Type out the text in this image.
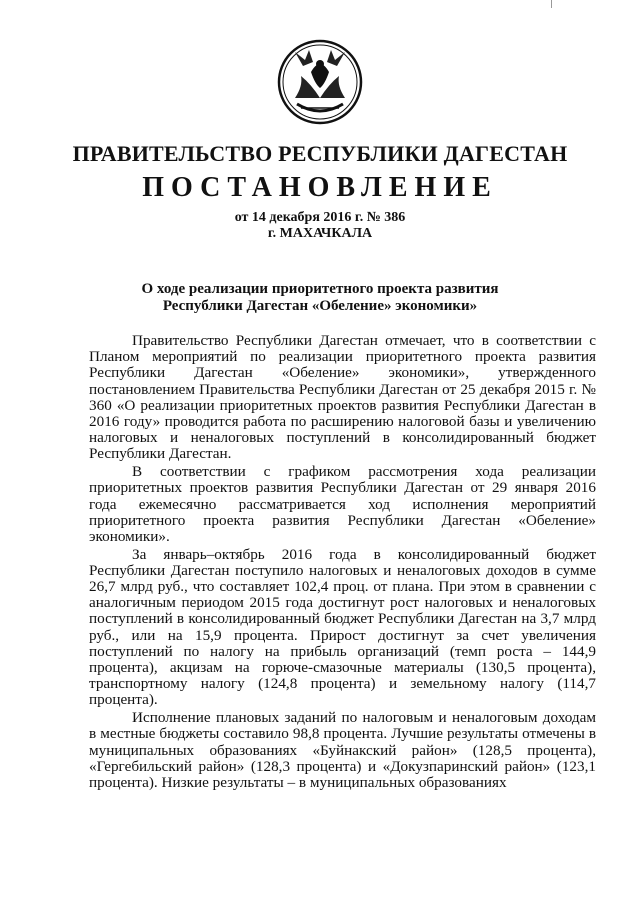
ПРАВИТЕЛЬСТВО РЕСПУБЛИКИ ДАГЕСТАН
ПОСТАНОВЛЕНИЕ
от 14 декабря 2016 г. № 386
г. МАХАЧКАЛА
О ходе реализации приоритетного проекта развития
Республики Дагестан «Обеление» экономики»

Правительство Республики Дагестан отмечает, что в соответствии с Планом мероприятий по реализации приоритетного проекта развития Республики Дагестан «Обеление» экономики», утвержденного постановлением Правительства Республики Дагестан от 25 декабря 2015 г. № 360 «О реализации приоритетных проектов развития Республики Дагестан в 2016 году» проводится работа по расширению налоговой базы и увеличению налоговых и неналоговых поступлений в консолидированный бюджет Республики Дагестан.

В соответствии с графиком рассмотрения хода реализации приоритетных проектов развития Республики Дагестан от 29 января 2016 года ежемесячно рассматривается ход исполнения мероприятий приоритетного проекта развития Республики Дагестан «Обеление» экономики».

За январь–октябрь 2016 года в консолидированный бюджет Республики Дагестан поступило налоговых и неналоговых доходов в сумме 26,7 млрд руб., что составляет 102,4 проц. от плана. При этом в сравнении с аналогичным периодом 2015 года достигнут рост налоговых и неналоговых поступлений в консолидированный бюджет Республики Дагестан на 3,7 млрд руб., или на 15,9 процента. Прирост достигнут за счет увеличения поступлений по налогу на прибыль организаций (темп роста – 144,9 процента), акцизам на горюче-смазочные материалы (130,5 процента), транспортному налогу (124,8 процента) и земельному налогу (114,7 процента).

Исполнение плановых заданий по налоговым и неналоговым доходам в местные бюджеты составило 98,8 процента. Лучшие результаты отмечены в муниципальных образованиях «Буйнакский район» (128,5 процента), «Гергебильский район» (128,3 процента) и «Докузпаринский район» (123,1 процента). Низкие результаты – в муниципальных образованиях
